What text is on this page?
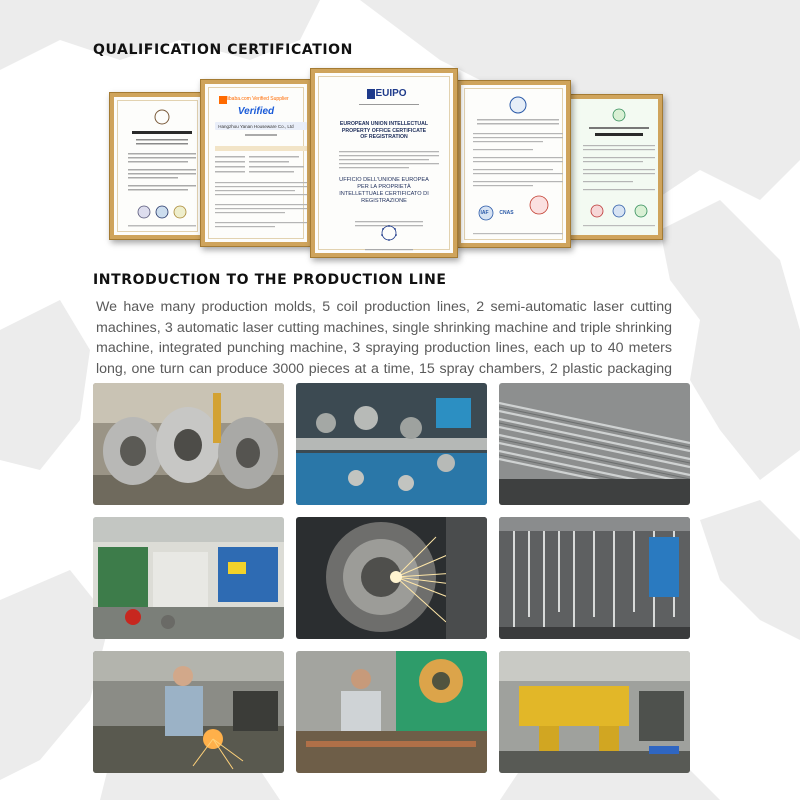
QUALIFICATION CERTIFICATION
Alibaba.com Verified Supplier
Verified
Hangzhou Yanan Houseware Co., Ltd
EUIPO
EUROPEAN UNION INTELLECTUAL PROPERTY OFFICE CERTIFICATE OF REGISTRATION
UFFICIO DELL'UNIONE EUROPEA PER LA PROPRIETÀ INTELLETTUALE CERTIFICATO DI REGISTRAZIONE
IAF	CNAS
INTRODUCTION TO THE PRODUCTION LINE

We have many production molds, 5 coil production lines, 2 semi-automatic laser cutting machines, 3 automatic laser cutting machines, single shrinking machine and triple shrinking machine, integrated punching machine, 3 spraying production lines, each up to 40 meters long, one turn can produce 3000 pieces at a time, 15 spray chambers, 2 plastic packaging
